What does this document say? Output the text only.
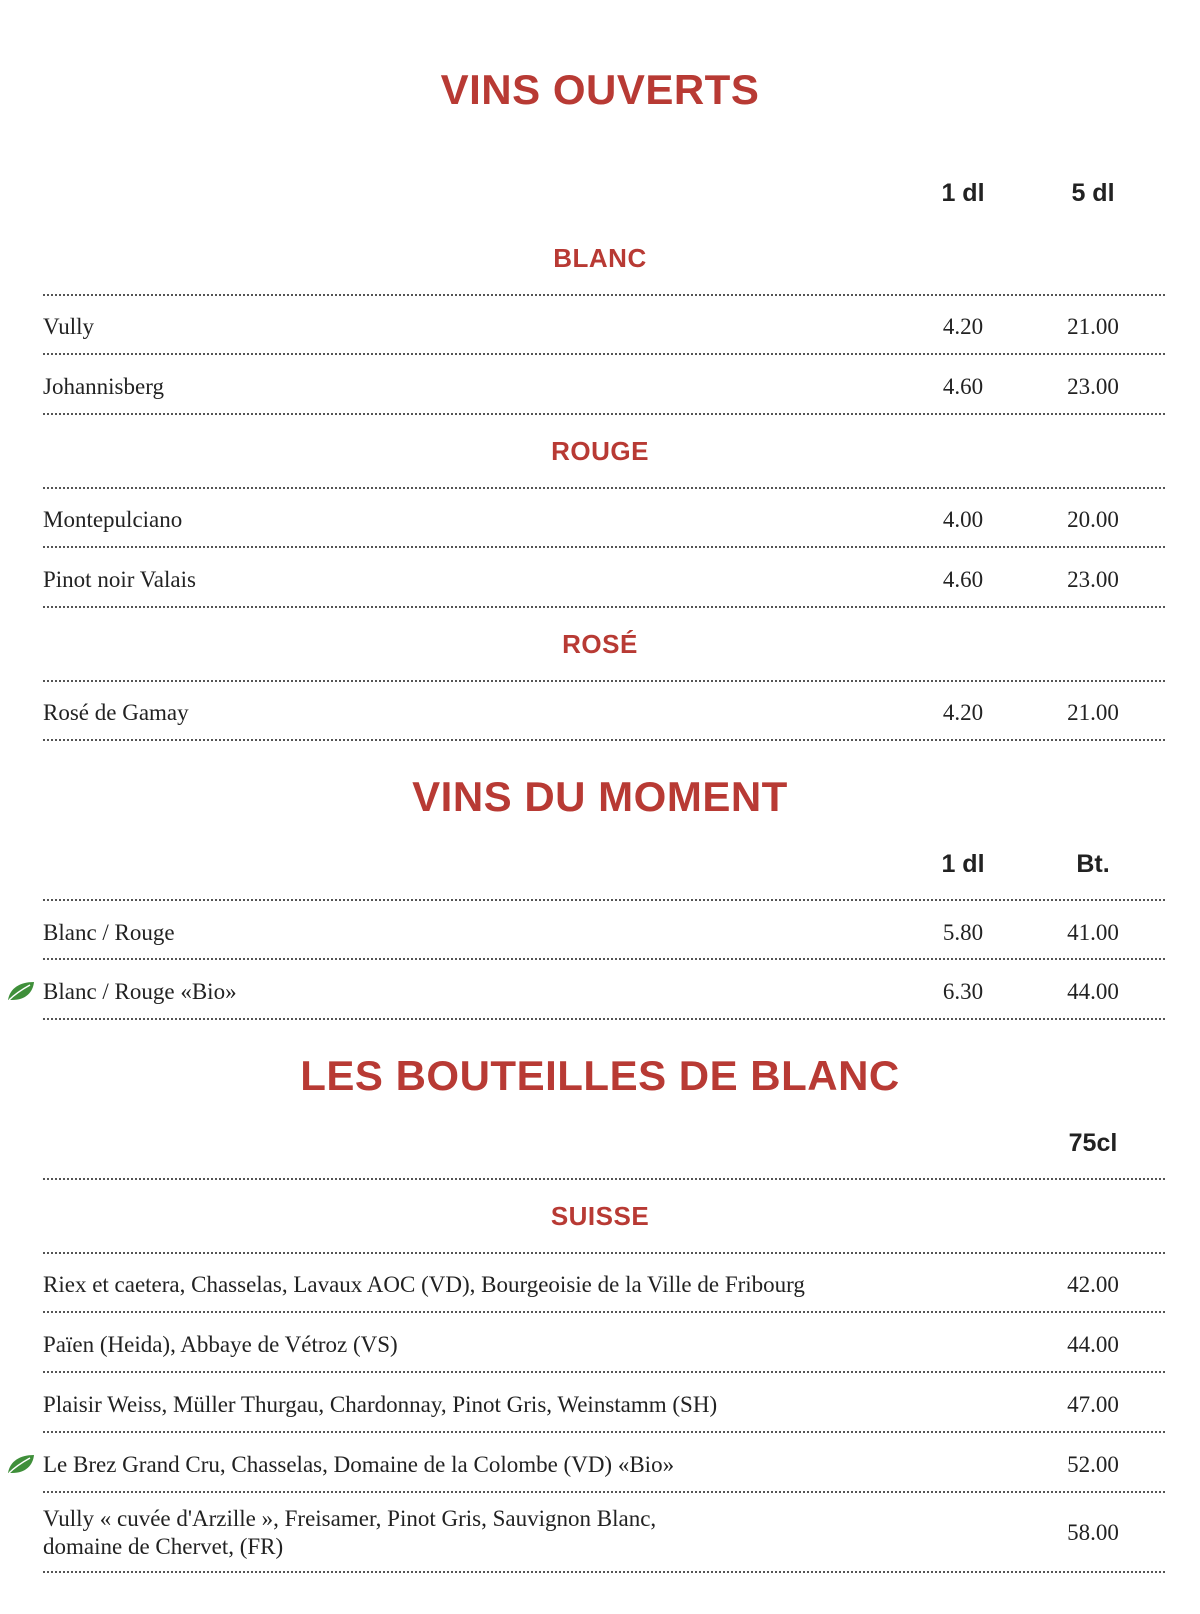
VINS OUVERTS
1 dl	5 dl
BLANC
Vully	4.20	21.00
Johannisberg	4.60	23.00
ROUGE
Montepulciano	4.00	20.00
Pinot noir Valais	4.60	23.00
ROSÉ
Rosé de Gamay	4.20	21.00
VINS DU MOMENT
1 dl	Bt.
Blanc / Rouge	5.80	41.00
Blanc / Rouge «Bio»	6.30	44.00
LES BOUTEILLES DE BLANC
75cl
SUISSE
Riex et caetera, Chasselas, Lavaux AOC (VD), Bourgeoisie de la Ville de Fribourg	42.00
Païen (Heida), Abbaye de Vétroz (VS)	44.00
Plaisir Weiss, Müller Thurgau, Chardonnay, Pinot Gris, Weinstamm (SH)	47.00
Le Brez Grand Cru, Chasselas, Domaine de la Colombe (VD) «Bio»	52.00
Vully « cuvée d'Arzille », Freisamer, Pinot Gris, Sauvignon Blanc,
domaine de Chervet, (FR)
58.00
